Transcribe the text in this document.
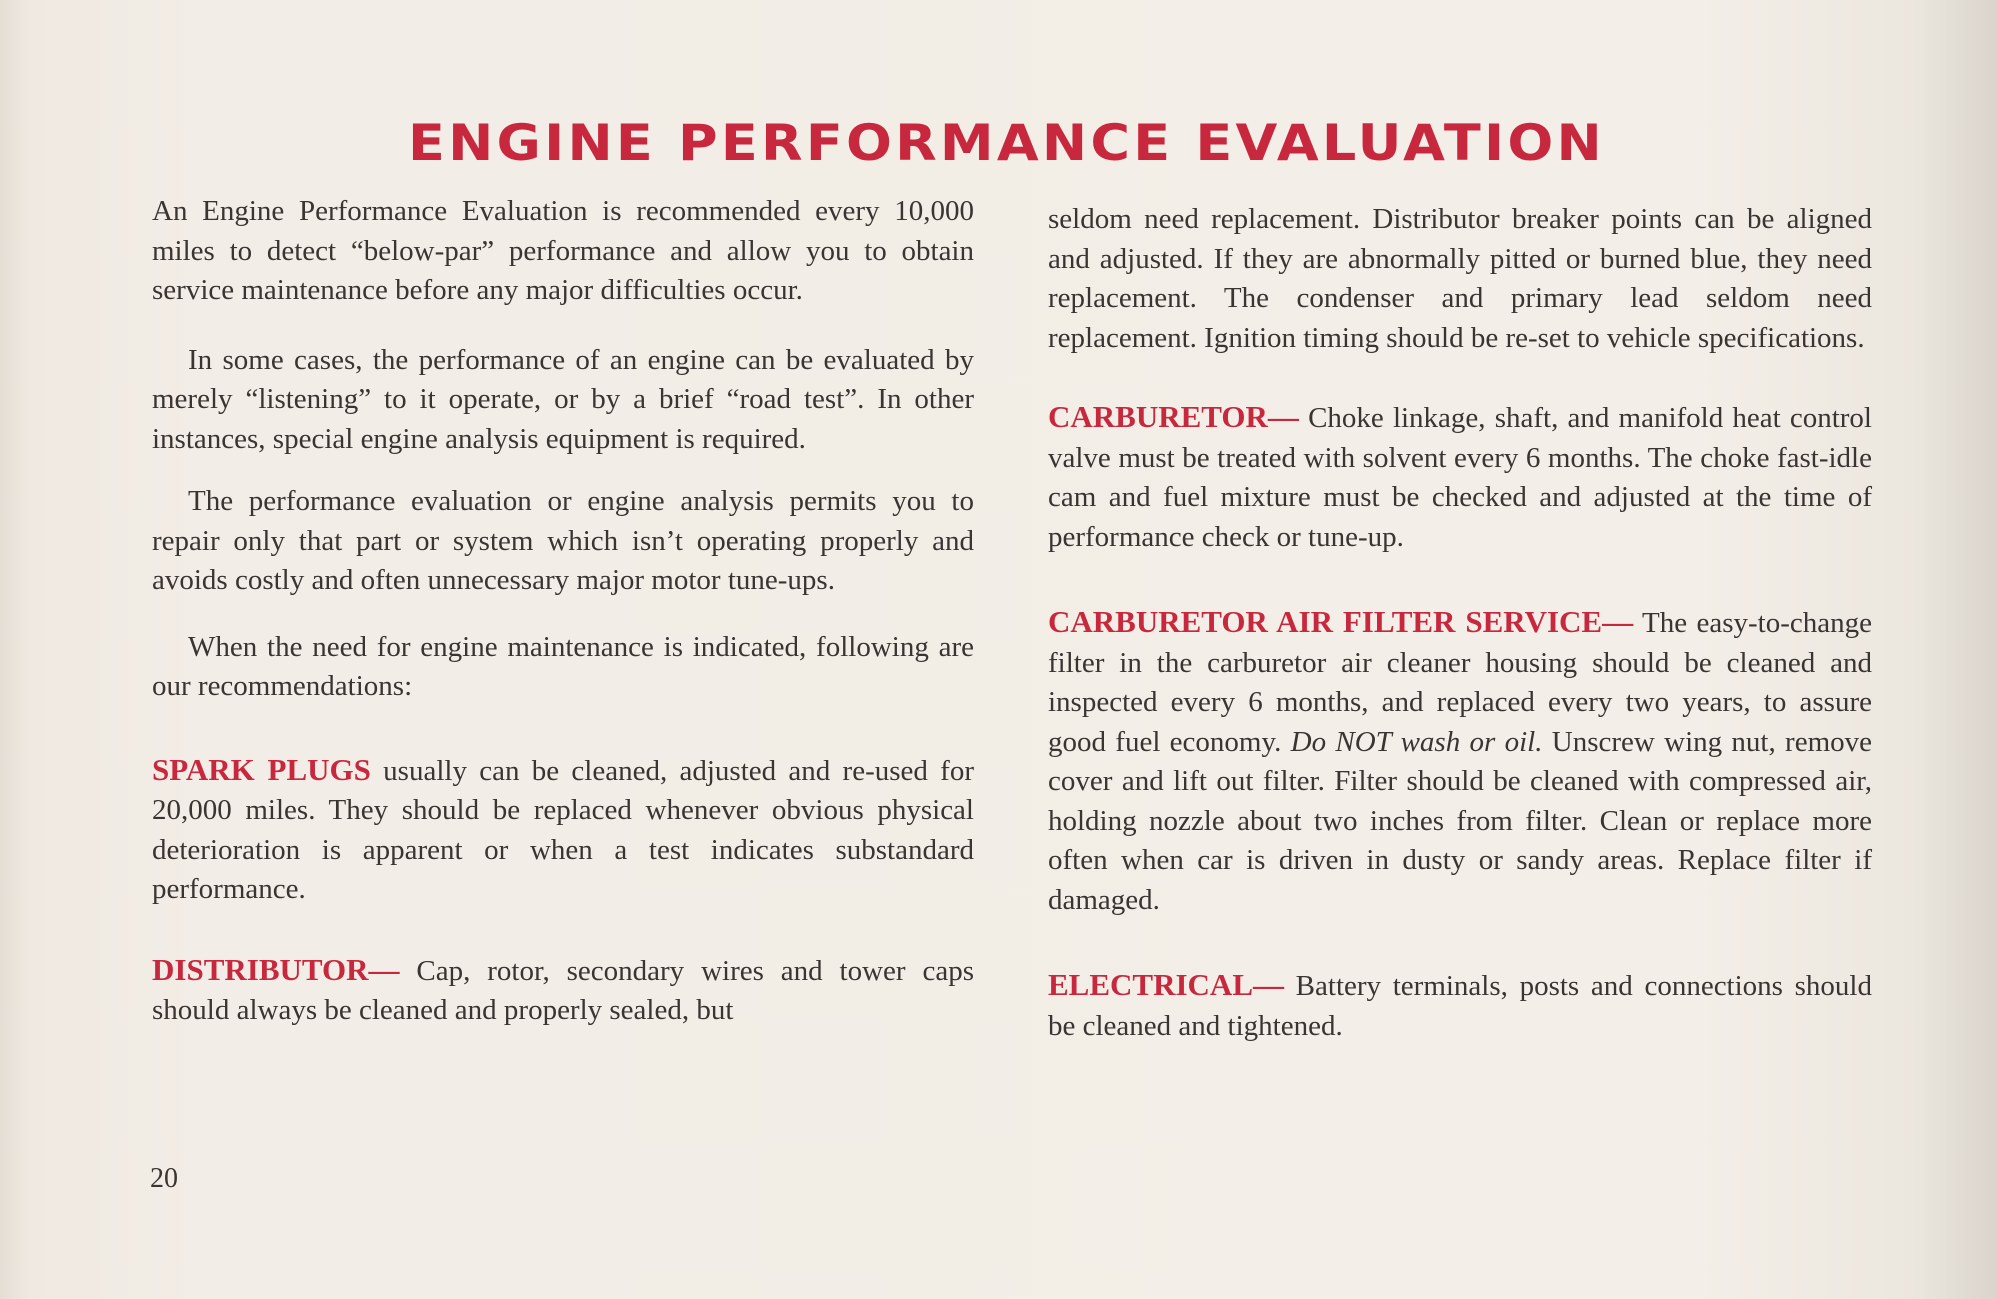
ENGINE PERFORMANCE EVALUATION

An Engine Performance Evaluation is recommended every 10,000 miles to detect “below-par” performance and allow you to obtain service maintenance before any major difficulties occur.

In some cases, the performance of an engine can be evaluated by merely “listening” to it operate, or by a brief “road test”. In other instances, special engine analysis equipment is required.

The performance evaluation or engine analysis permits you to repair only that part or system which isn’t operating properly and avoids costly and often unnecessary major motor tune-ups.

When the need for engine maintenance is indicated, following are our recommendations:

SPARK PLUGS usually can be cleaned, adjusted and re-used for 20,000 miles. They should be replaced whenever obvious physical deterioration is apparent or when a test indicates substandard performance.

DISTRIBUTOR— Cap, rotor, secondary wires and tower caps should always be cleaned and properly sealed, but

seldom need replacement. Distributor breaker points can be aligned and adjusted. If they are abnormally pitted or burned blue, they need replacement. The condenser and primary lead seldom need replacement. Ignition timing should be re-set to vehicle specifications.

CARBURETOR— Choke linkage, shaft, and manifold heat control valve must be treated with solvent every 6 months. The choke fast-idle cam and fuel mixture must be checked and adjusted at the time of performance check or tune-up.

CARBURETOR AIR FILTER SERVICE— The easy-to-change filter in the carburetor air cleaner housing should be cleaned and inspected every 6 months, and replaced every two years, to assure good fuel economy. Do NOT wash or oil. Unscrew wing nut, remove cover and lift out filter. Filter should be cleaned with compressed air, holding nozzle about two inches from filter. Clean or replace more often when car is driven in dusty or sandy areas. Replace filter if damaged.

ELECTRICAL— Battery terminals, posts and connections should be cleaned and tightened.

20
